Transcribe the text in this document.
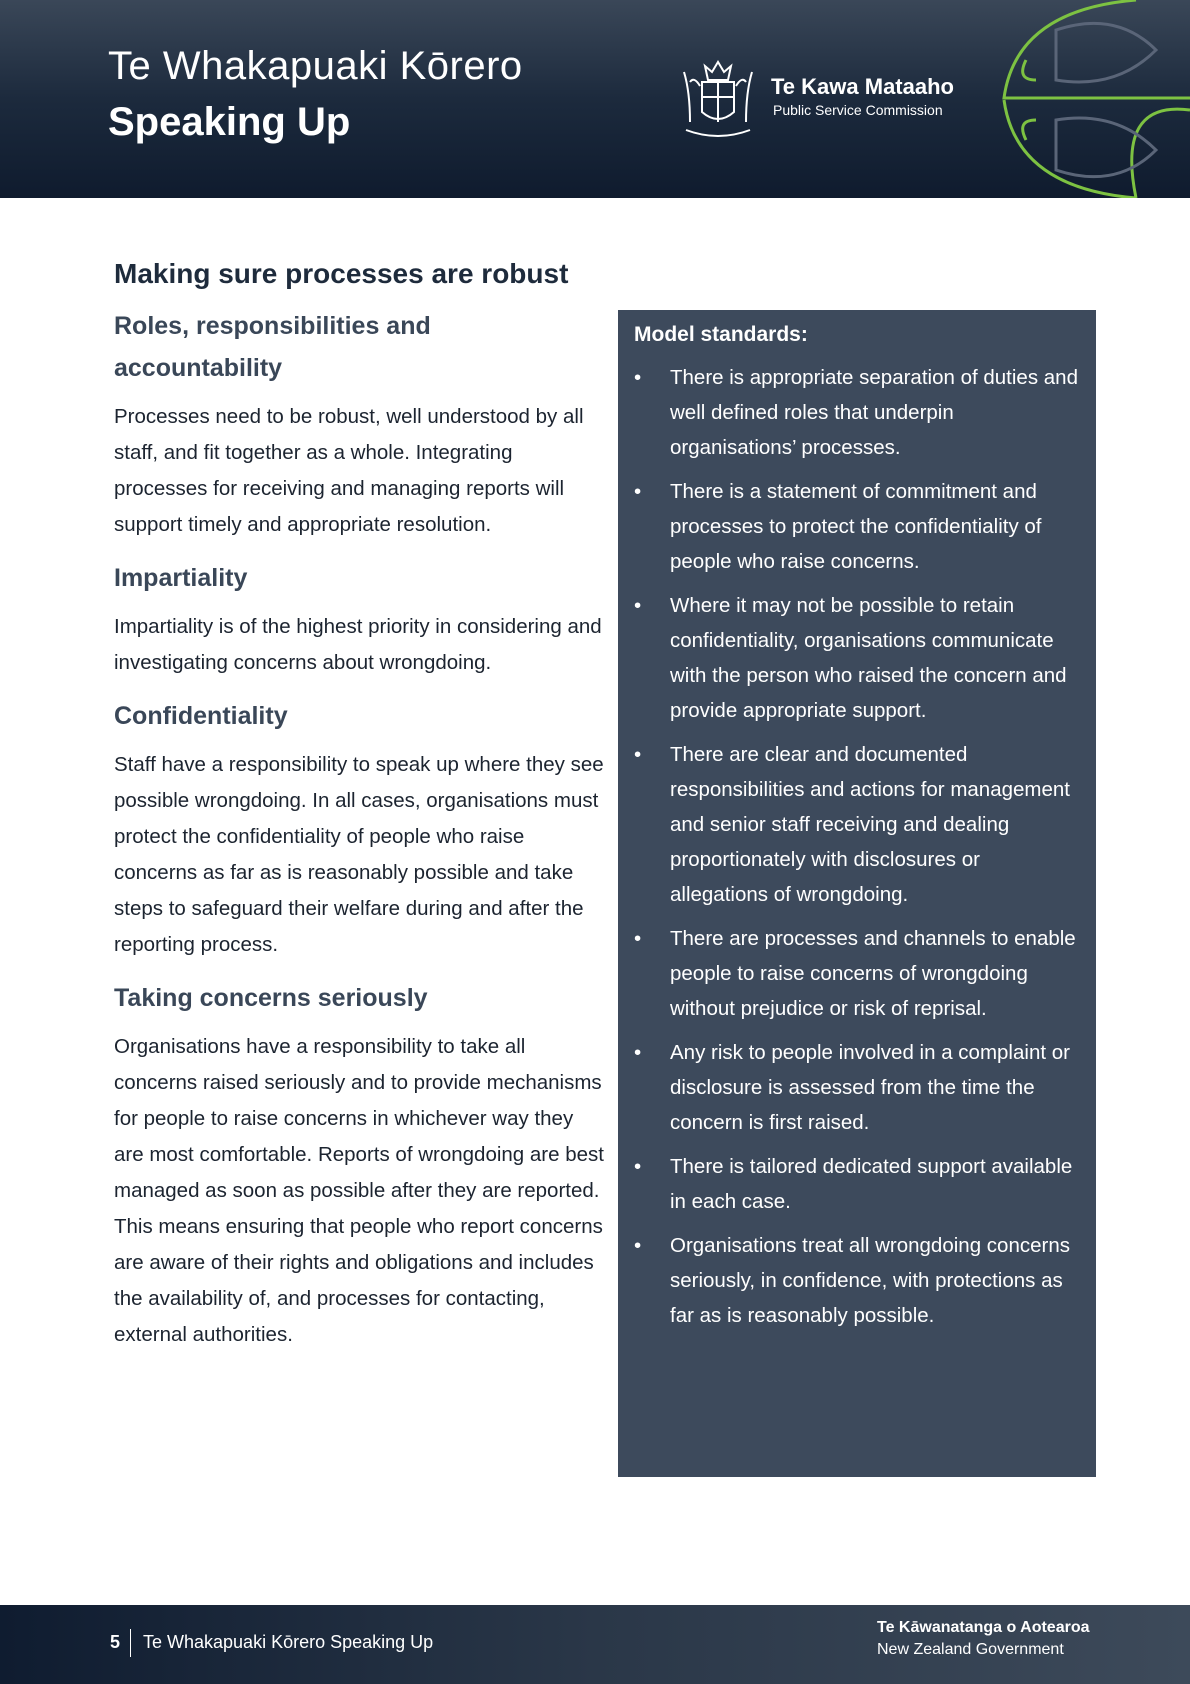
Te Whakapuaki Kōrero
Speaking Up
Te Kawa Mataaho
Public Service Commission
Making sure processes are robust
Roles, responsibilities and accountability

Processes need to be robust, well understood by all staff, and fit together as a whole. Integrating processes for receiving and managing reports will support timely and appropriate resolution.

Impartiality

Impartiality is of the highest priority in considering and investigating concerns about wrongdoing.

Confidentiality

Staff have a responsibility to speak up where they see possible wrongdoing. In all cases, organisations must protect the confidentiality of people who raise concerns as far as is reasonably possible and take steps to safeguard their welfare during and after the reporting process.

Taking concerns seriously

Organisations have a responsibility to take all concerns raised seriously and to provide mechanisms for people to raise concerns in whichever way they are most comfortable. Reports of wrongdoing are best managed as soon as possible after they are reported. This means ensuring that people who report concerns are aware of their rights and obligations and includes the availability of, and processes for contacting, external authorities.

Model standards:
• There is appropriate separation of duties and well defined roles that underpin organisations’ processes.
• There is a statement of commitment and processes to protect the confidentiality of people who raise concerns.
• Where it may not be possible to retain confidentiality, organisations communicate with the person who raised the concern and provide appropriate support.
• There are clear and documented responsibilities and actions for management and senior staff receiving and dealing proportionately with disclosures or allegations of wrongdoing.
• There are processes and channels to enable people to raise concerns of wrongdoing without prejudice or risk of reprisal.
• Any risk to people involved in a complaint or disclosure is assessed from the time the concern is first raised.
• There is tailored dedicated support available in each case.
• Organisations treat all wrongdoing concerns seriously, in confidence, with protections as far as is reasonably possible.
5 Te Whakapuaki Kōrero Speaking Up
Te Kāwanatanga o Aotearoa
New Zealand Government
